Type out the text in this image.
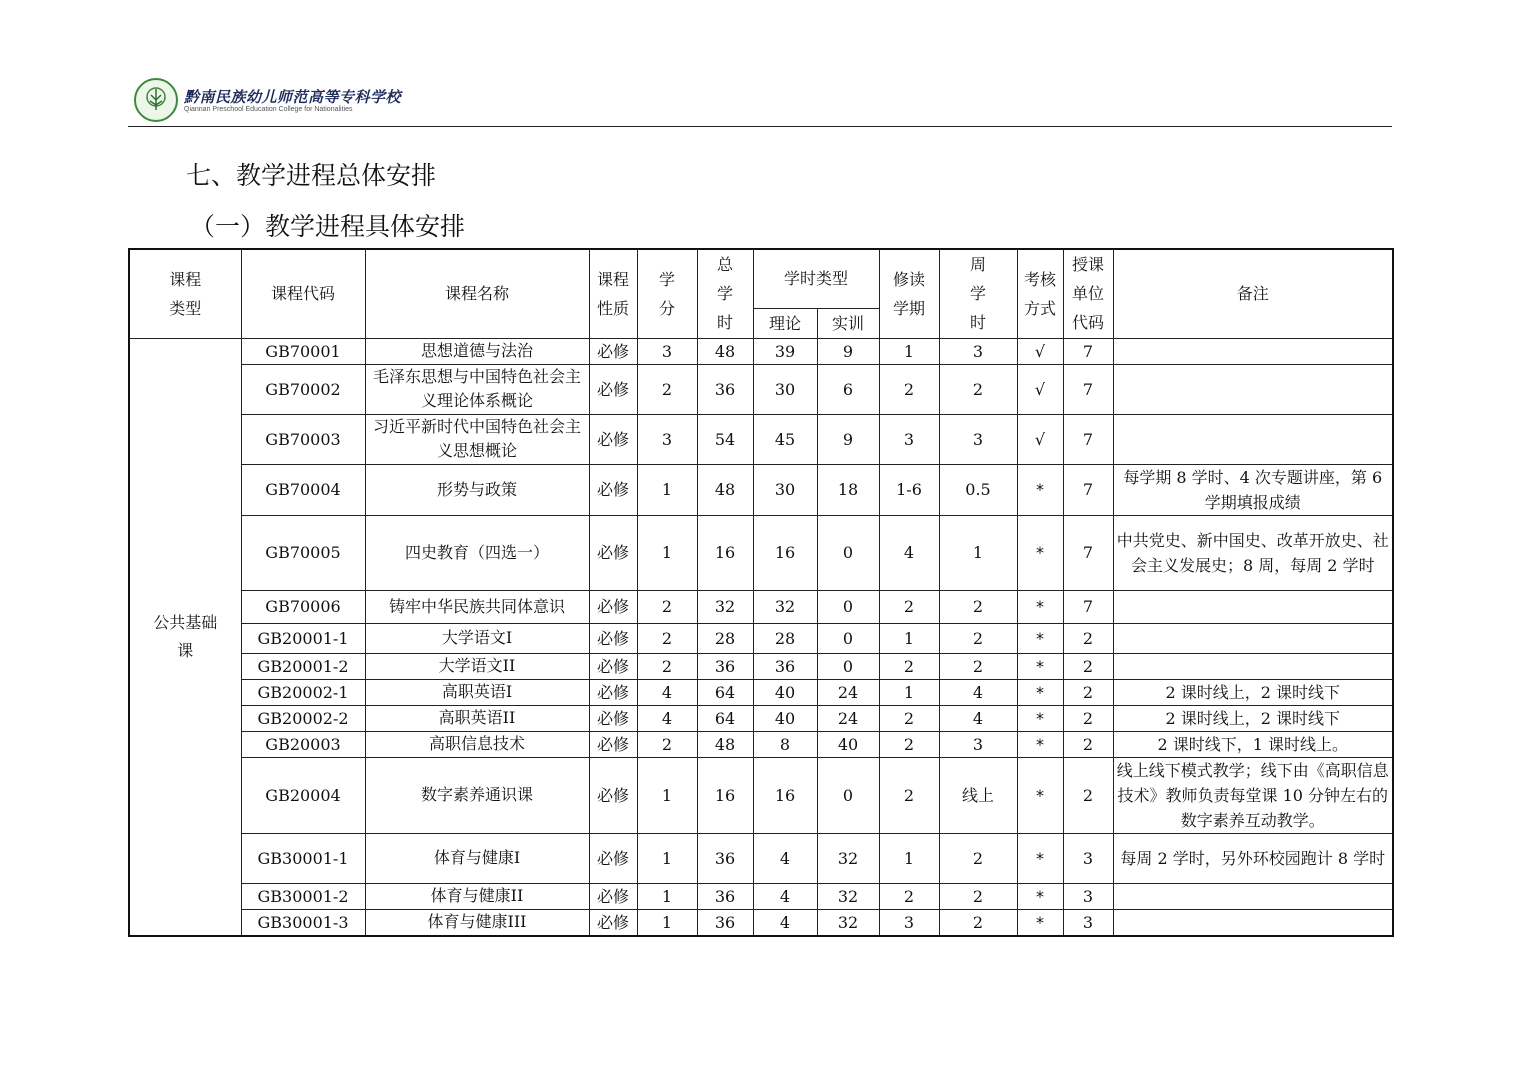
黔南民族幼儿师范高等专科学校
Qiannan Preschool Education College for Nationalities
七、教学进程总体安排
（一）教学进程具体安排
课程类型	课程代码	课程名称	课程性质	学分	总学时	学时类型		修读学期	周学时	考核方式	授课单位代码	备注
						理论	实训					
公共基础课	GB70001	思想道德与法治	必修	3	48	39	9	1	3	√	7	
	GB70002	毛泽东思想与中国特色社会主义理论体系概论	必修	2	36	30	6	2	2	√	7	
	GB70003	习近平新时代中国特色社会主义思想概论	必修	3	54	45	9	3	3	√	7	
	GB70004	形势与政策	必修	1	48	30	18	1-6	0.5	*	7	每学期 8 学时、4 次专题讲座，第 6 学期填报成绩
	GB70005	四史教育（四选一）	必修	1	16	16	0	4	1	*	7	中共党史、新中国史、改革开放史、社会主义发展史；8 周，每周 2 学时
	GB70006	铸牢中华民族共同体意识	必修	2	32	32	0	2	2	*	7	
	GB20001-1	大学语文I	必修	2	28	28	0	1	2	*	2	
	GB20001-2	大学语文II	必修	2	36	36	0	2	2	*	2	
	GB20002-1	高职英语I	必修	4	64	40	24	1	4	*	2	2 课时线上，2 课时线下
	GB20002-2	高职英语II	必修	4	64	40	24	2	4	*	2	2 课时线上，2 课时线下
	GB20003	高职信息技术	必修	2	48	8	40	2	3	*	2	2 课时线下，1 课时线上。
	GB20004	数字素养通识课	必修	1	16	16	0	2	线上	*	2	线上线下模式教学；线下由《高职信息技术》教师负责每堂课 10 分钟左右的数字素养互动教学。
	GB30001-1	体育与健康I	必修	1	36	4	32	1	2	*	3	每周 2 学时，另外环校园跑计 8 学时
	GB30001-2	体育与健康II	必修	1	36	4	32	2	2	*	3	
	GB30001-3	体育与健康III	必修	1	36	4	32	3	2	*	3	
